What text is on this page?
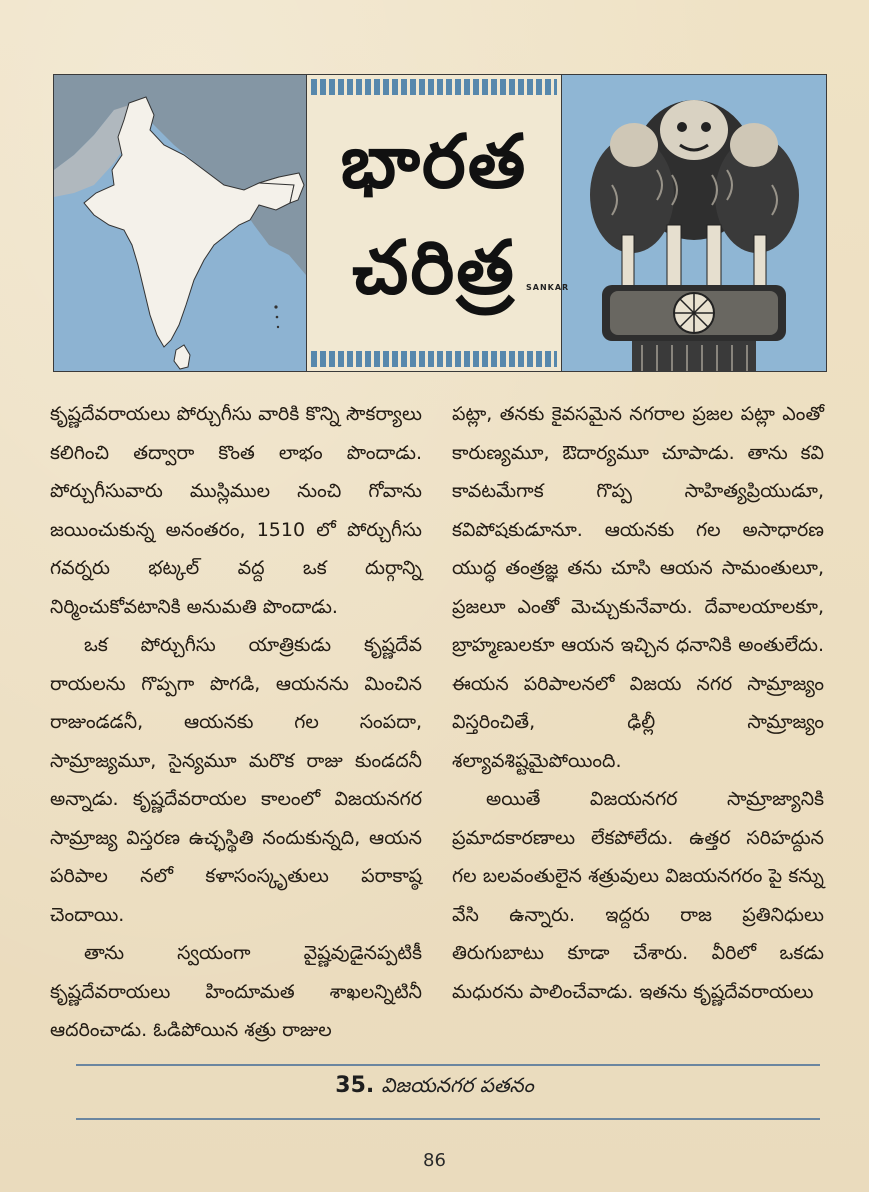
భారత
చరిత్ర	SANKAR

కృష్ణదేవరాయలు పోర్చుగీసు వారికి కొన్ని సౌకర్యాలు కలిగించి తద్వారా కొంత లాభం పొందాడు. పోర్చుగీసువారు ముస్లిముల నుంచి గోవాను జయించుకున్న అనంతరం, 1510 లో పోర్చుగీసు గవర్నరు భట్కల్ వద్ద ఒక దుర్గాన్ని నిర్మించుకోవటానికి అనుమతి పొందాడు.

ఒక పోర్చుగీసు యాత్రికుడు కృష్ణదేవ రాయలను గొప్పగా పొగడి, ఆయనను మించిన రాజుండడనీ, ఆయనకు గల సంపదా, సామ్రాజ్యమూ, సైన్యమూ మరొక రాజు కుండదనీ అన్నాడు. కృష్ణదేవరాయల కాలంలో విజయనగర సామ్రాజ్య విస్తరణ ఉచ్ఛస్థితి నందుకున్నది, ఆయన పరిపాల నలో కళాసంస్కృతులు పరాకాష్ఠ చెందాయి.

తాను స్వయంగా వైష్ణవుడైనప్పటికీ కృష్ణదేవరాయలు హిందూమత శాఖలన్నిటినీ ఆదరించాడు. ఓడిపోయిన శత్రు రాజుల

పట్లా, తనకు కైవసమైన నగరాల ప్రజల పట్లా ఎంతో కారుణ్యమూ, ఔదార్యమూ చూపాడు. తాను కవి కావటమేగాక గొప్ప సాహిత్యప్రియుడూ, కవిపోషకుడూనూ. ఆయనకు గల అసాధారణ యుద్ధ తంత్రజ్ఞ తను చూసి ఆయన సామంతులూ, ప్రజలూ ఎంతో మెచ్చుకునేవారు. దేవాలయాలకూ, బ్రాహ్మణులకూ ఆయన ఇచ్చిన ధనానికి అంతులేదు. ఈయన పరిపాలనలో విజయ నగర సామ్రాజ్యం విస్తరించితే, ఢిల్లీ సామ్రాజ్యం శల్యావశిష్టమైపోయింది.

అయితే విజయనగర సామ్రాజ్యానికి ప్రమాదకారణాలు లేకపోలేదు. ఉత్తర సరిహద్దున గల బలవంతులైన శత్రువులు విజయనగరం పై కన్ను వేసి ఉన్నారు. ఇద్దరు రాజ ప్రతినిధులు తిరుగుబాటు కూడా చేశారు. వీరిలో ఒకడు మధురను పాలించేవాడు. ఇతను కృష్ణదేవరాయలు

35. విజయనగర పతనం
86
